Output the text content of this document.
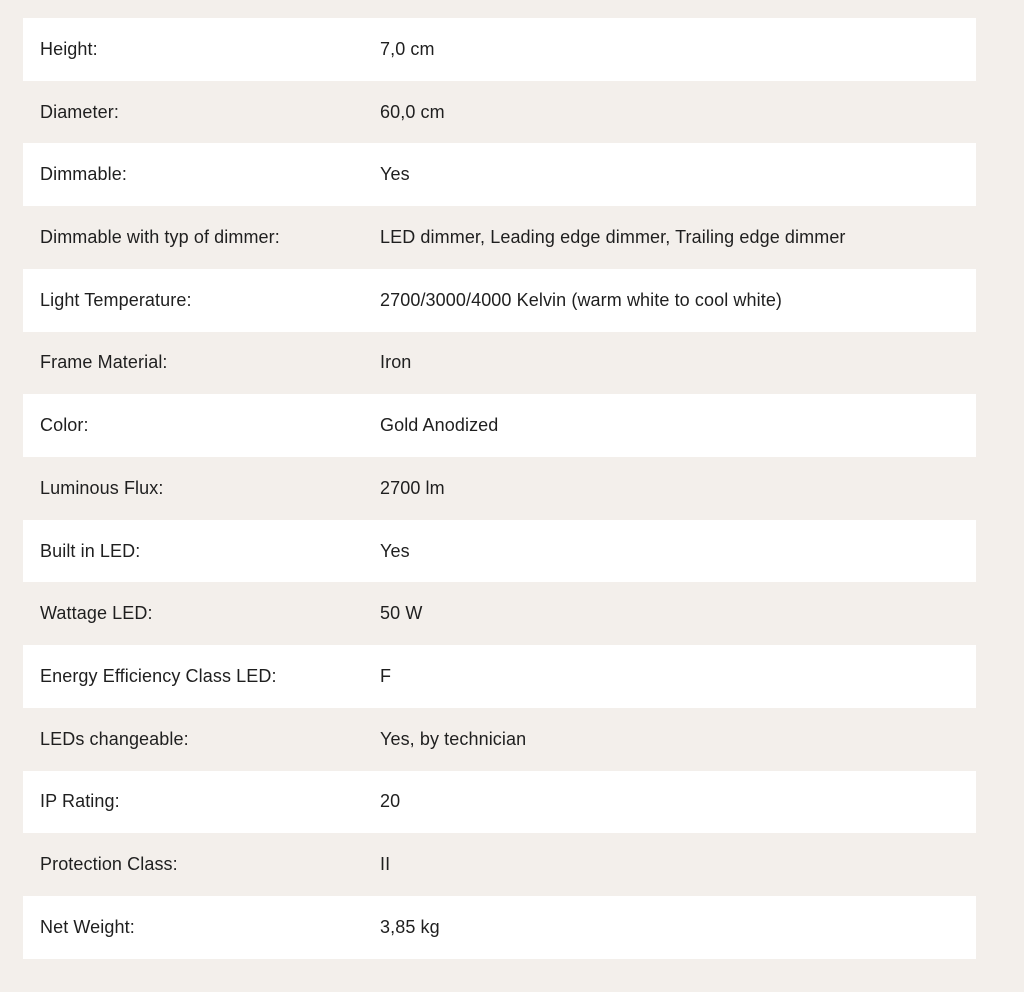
Height:	7,0 cm
Diameter:	60,0 cm
Dimmable:	Yes
Dimmable with typ of dimmer:	LED dimmer, Leading edge dimmer, Trailing edge dimmer
Light Temperature:	2700/3000/4000 Kelvin (warm white to cool white)
Frame Material:	Iron
Color:	Gold Anodized
Luminous Flux:	2700 lm
Built in LED:	Yes
Wattage LED:	50 W
Energy Efficiency Class LED:	F
LEDs changeable:	Yes, by technician
IP Rating:	20
Protection Class:	II
Net Weight:	3,85 kg
